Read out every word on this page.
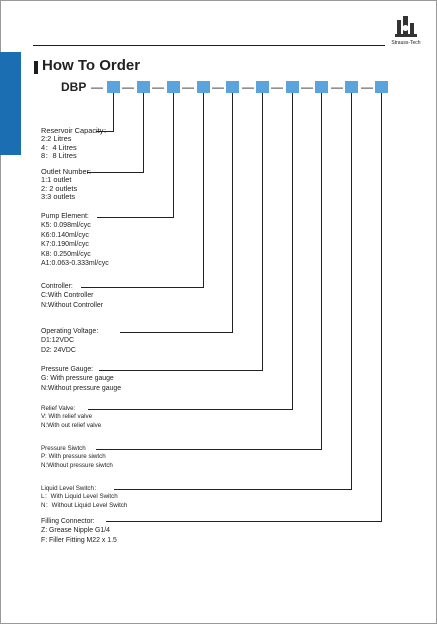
Strauss-Tech
How To Order
DBP — — — — — — — — — —
Reservoir Capacity：
2:2 Litres
4：4 Litres
8：8 Litres
Outlet Number:
1:1 outlet
2: 2 outlets
3:3 outlets
Pump Element:
K5: 0.098ml/cyc
K6:0.140ml/cyc
K7:0.190ml/cyc
K8: 0.250ml/cyc
A1:0.063-0.333ml/cyc
Controller:
C:With Controller
N:Without Controller
Operating Voltage：
D1:12VDC
D2: 24VDC
Pressure Gauge:
G: With pressure gauge
N:Without pressure gauge
Relief Valve:
V: With relief valve
N:With out relief valve
Pressure Siwtch
P: With pressure siwtch
N:Without pressure siwtch
Liquid Level Switch：
L：With Liquid Level Switch
N：Without Liquid Level Switch
Filling Connector:
Z: Grease Nipple G1/4
F: Filler Fitting M22 x 1.5
